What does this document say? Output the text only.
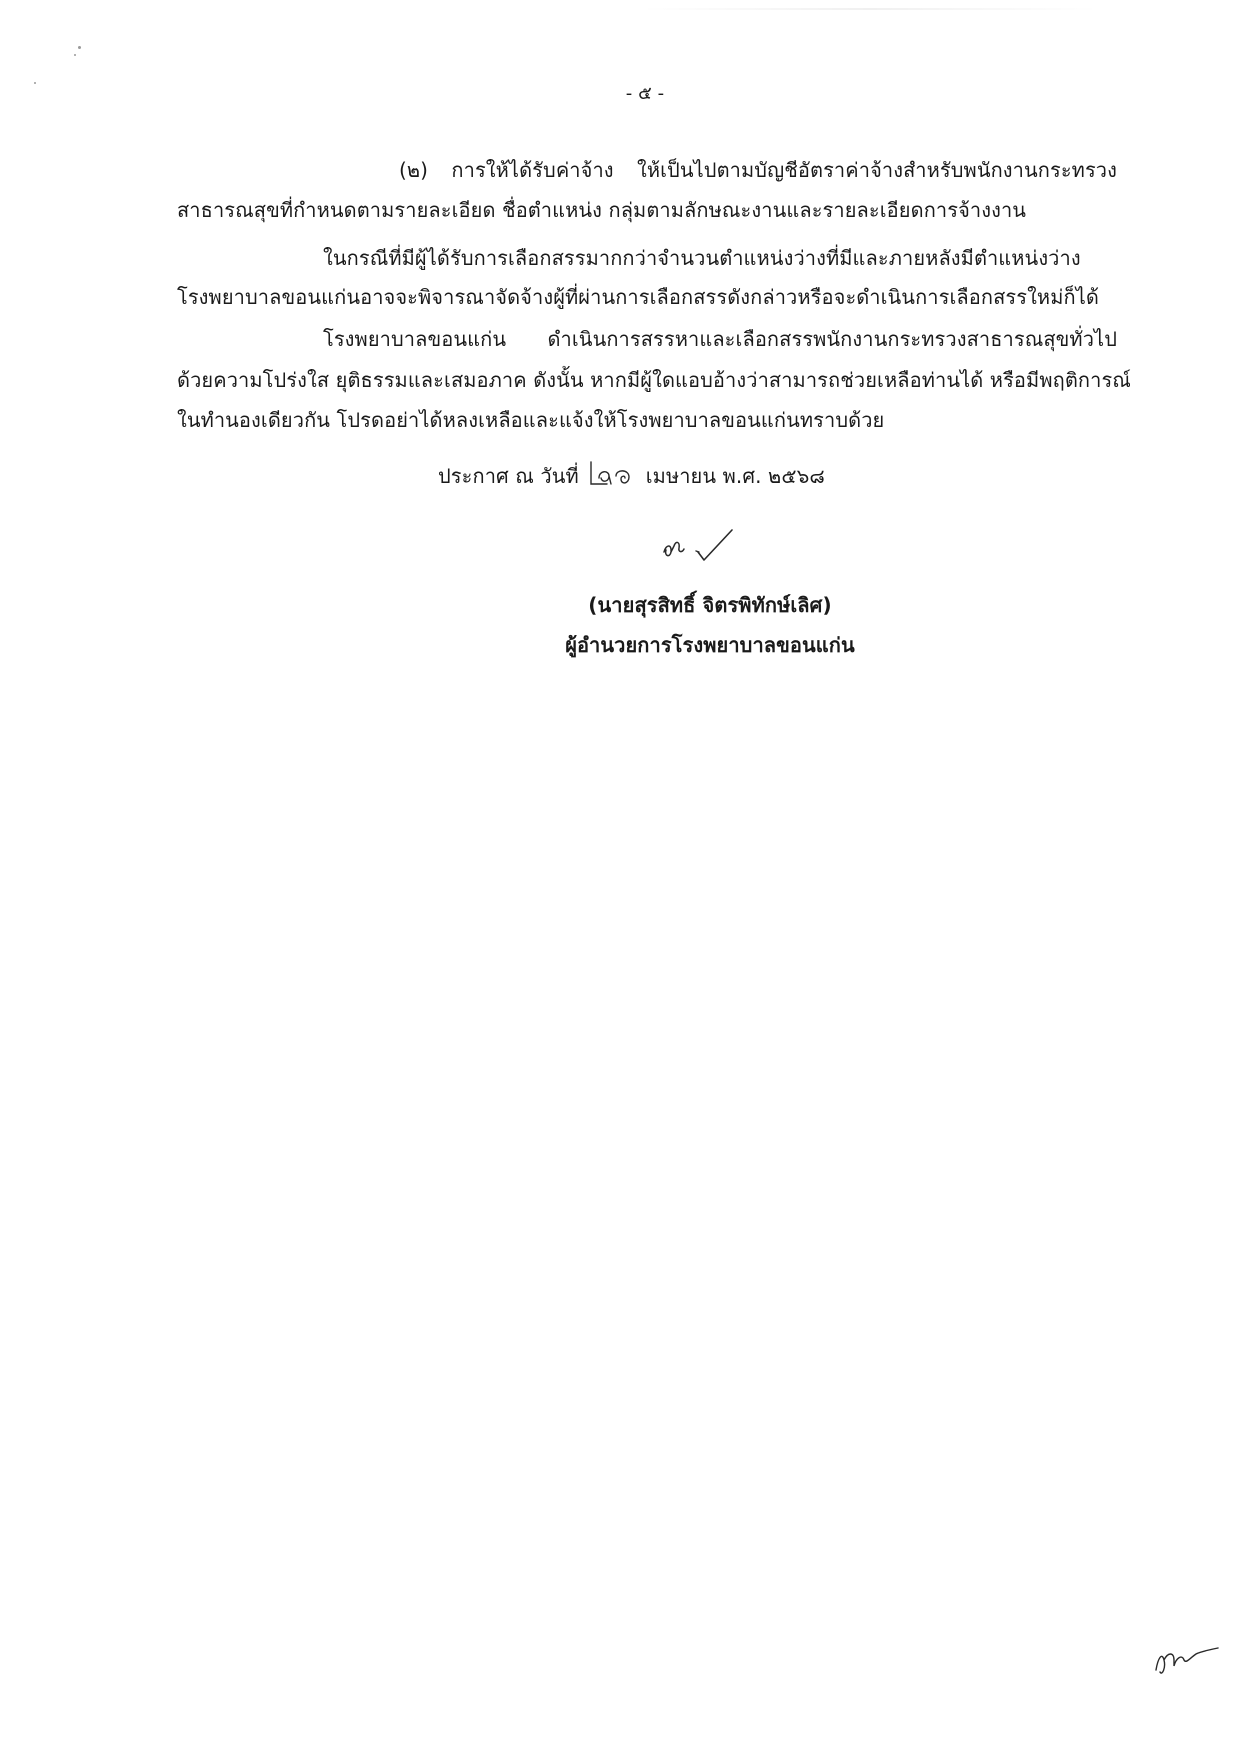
- ๕ -
(๒) การให้ได้รับค่าจ้าง ให้เป็นไปตามบัญชีอัตราค่าจ้างสำหรับพนักงานกระทรวง
สาธารณสุขที่กำหนดตามรายละเอียด ชื่อตำแหน่ง กลุ่มตามลักษณะงานและรายละเอียดการจ้างงาน
ในกรณีที่มีผู้ได้รับการเลือกสรรมากกว่าจำนวนตำแหน่งว่างที่มีและภายหลังมีตำแหน่งว่าง
โรงพยาบาลขอนแก่นอาจจะพิจารณาจัดจ้างผู้ที่ผ่านการเลือกสรรดังกล่าวหรือจะดำเนินการเลือกสรรใหม่ก็ได้
โรงพยาบาลขอนแก่น ดำเนินการสรรหาและเลือกสรรพนักงานกระทรวงสาธารณสุขทั่วไป
ด้วยความโปร่งใส ยุติธรรมและเสมอภาค ดังนั้น หากมีผู้ใดแอบอ้างว่าสามารถช่วยเหลือท่านได้ หรือมีพฤติการณ์
ในทำนองเดียวกัน โปรดอย่าได้หลงเหลือและแจ้งให้โรงพยาบาลขอนแก่นทราบด้วย
ประกาศ ณ วันที่	เมษายน พ.ศ. ๒๕๖๘
(นายสุรสิทธิ์ จิตรพิทักษ์เลิศ)
ผู้อำนวยการโรงพยาบาลขอนแก่น
